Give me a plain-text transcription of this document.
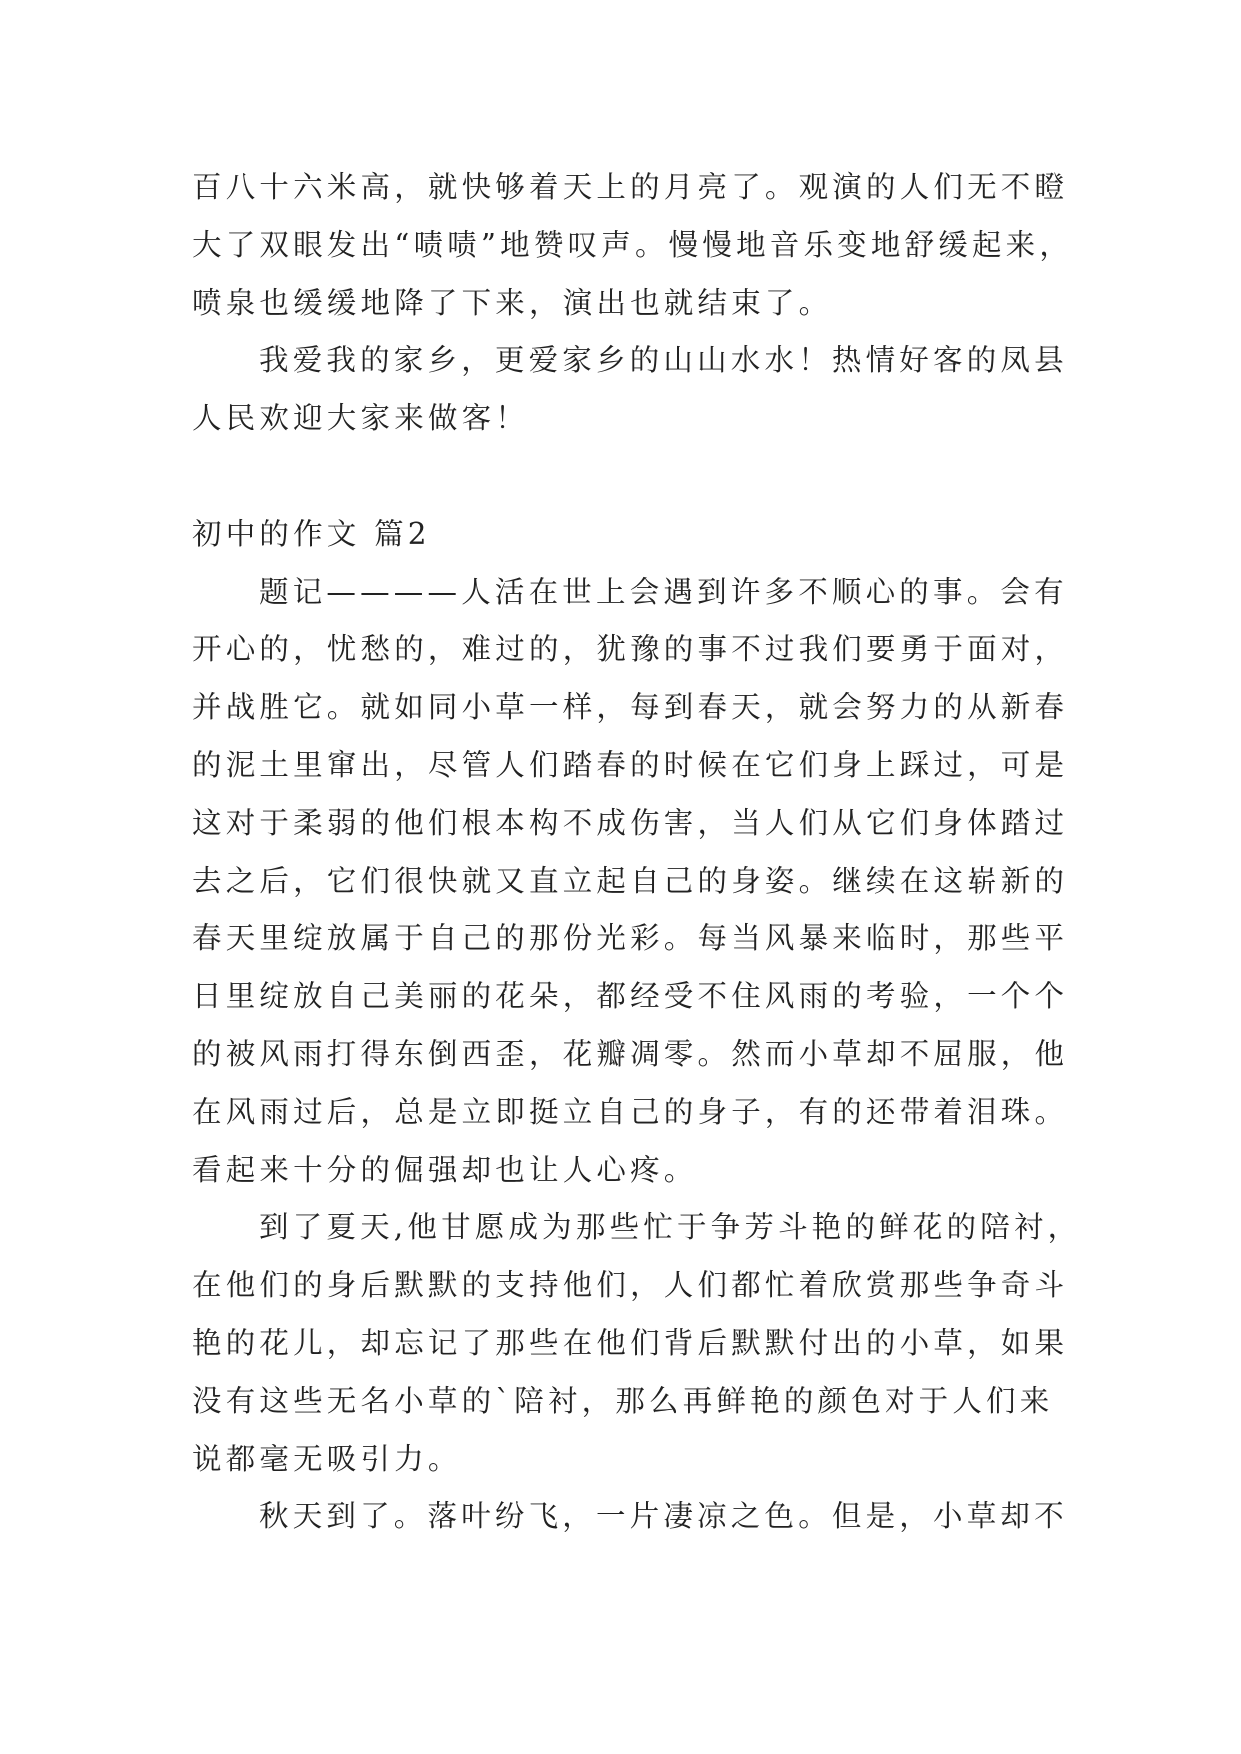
百八十六米高，就快够着天上的月亮了。观演的人们无不瞪
大了双眼发出“啧啧”地赞叹声。慢慢地音乐变地舒缓起来，
喷泉也缓缓地降了下来，演出也就结束了。
我爱我的家乡，更爱家乡的山山水水！热情好客的凤县
人民欢迎大家来做客！
初中的作文 篇2
题记————人活在世上会遇到许多不顺心的事。会有
开心的，忧愁的，难过的，犹豫的事不过我们要勇于面对，
并战胜它。就如同小草一样，每到春天，就会努力的从新春
的泥土里窜出，尽管人们踏春的时候在它们身上踩过，可是
这对于柔弱的他们根本构不成伤害，当人们从它们身体踏过
去之后，它们很快就又直立起自己的身姿。继续在这崭新的
春天里绽放属于自己的那份光彩。每当风暴来临时，那些平
日里绽放自己美丽的花朵，都经受不住风雨的考验，一个个
的被风雨打得东倒西歪，花瓣凋零。然而小草却不屈服，他
在风雨过后，总是立即挺立自己的身子，有的还带着泪珠。
看起来十分的倔强却也让人心疼。
到了夏天,他甘愿成为那些忙于争芳斗艳的鲜花的陪衬，
在他们的身后默默的支持他们，人们都忙着欣赏那些争奇斗
艳的花儿，却忘记了那些在他们背后默默付出的小草，如果
没有这些无名小草的`陪衬，那么再鲜艳的颜色对于人们来
说都毫无吸引力。
秋天到了。落叶纷飞，一片凄凉之色。但是，小草却不
